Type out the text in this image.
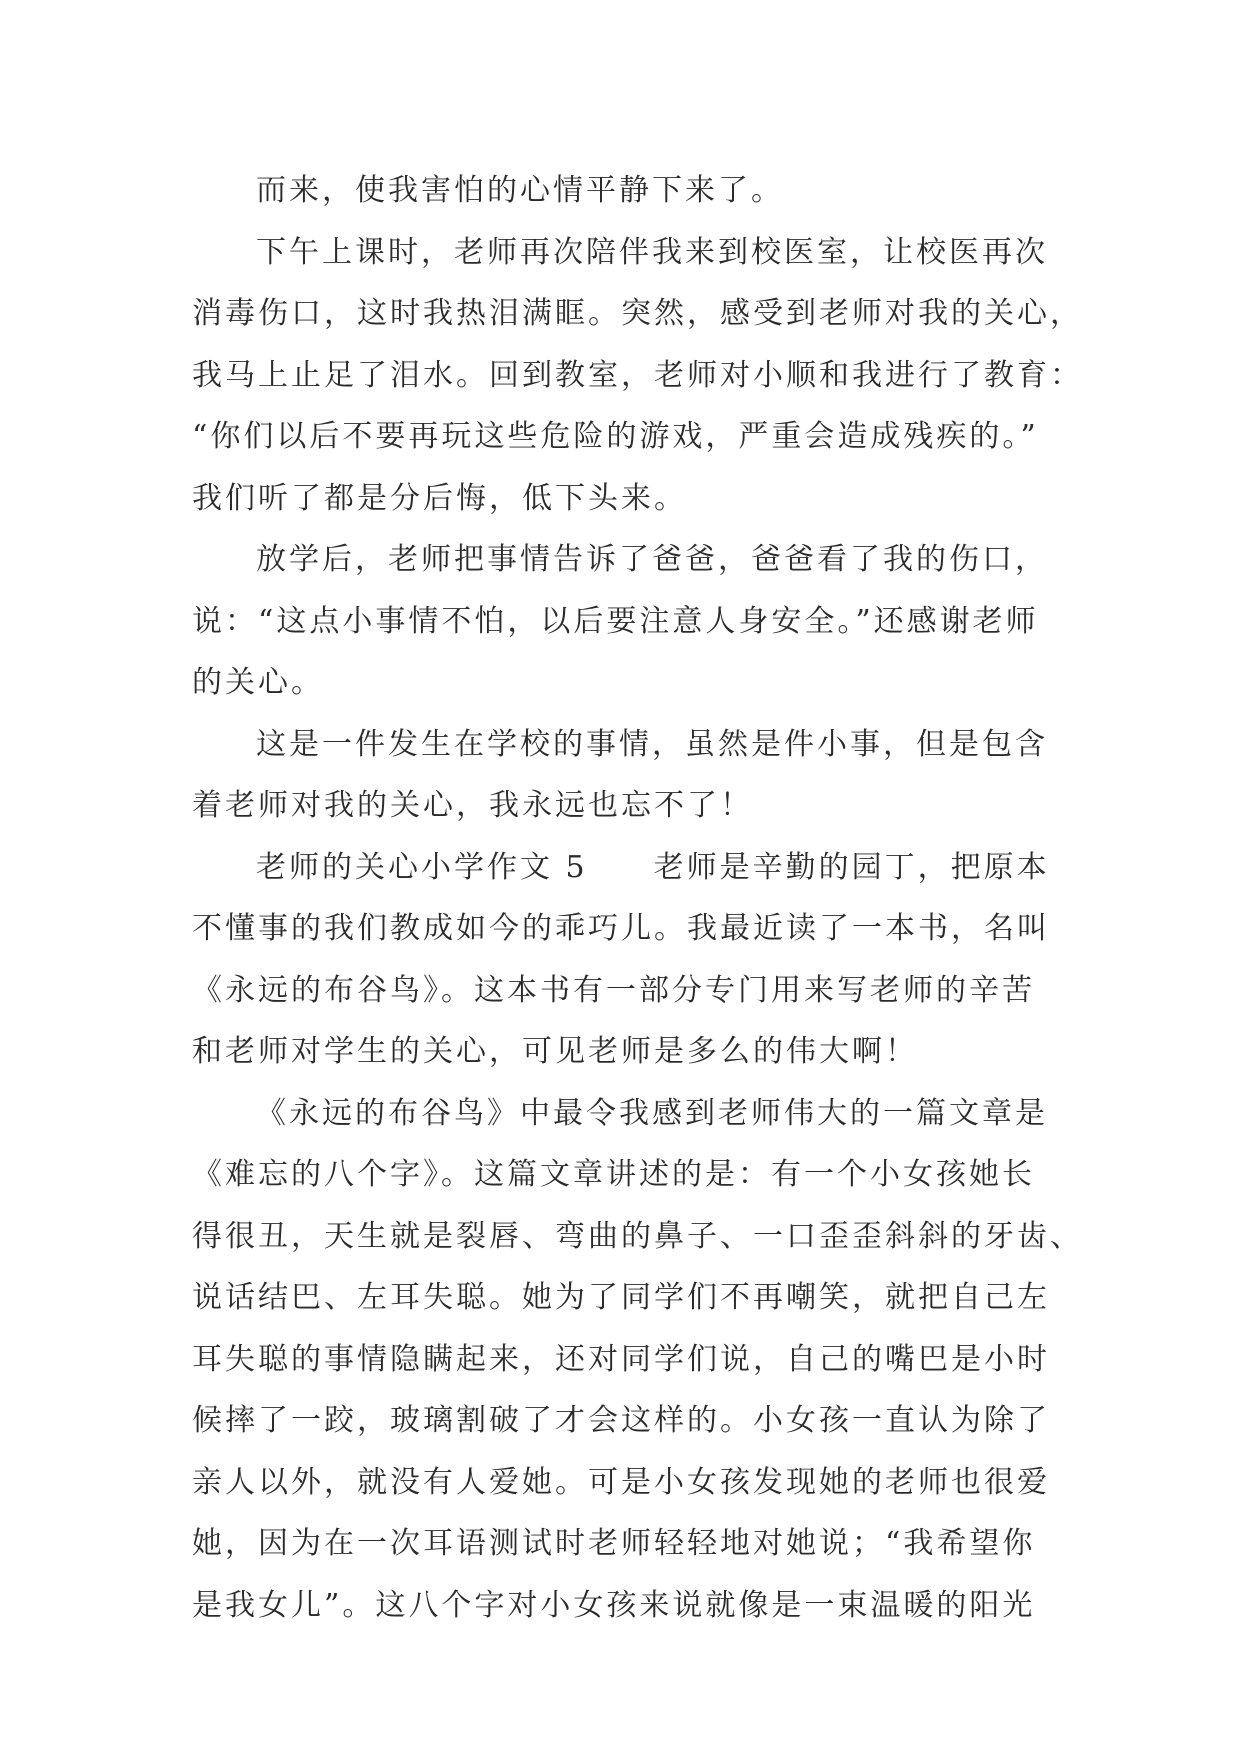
而来，使我害怕的心情平静下来了。

下午上课时，老师再次陪伴我来到校医室，让校医再次

消毒伤口，这时我热泪满眶。突然，感受到老师对我的关心，

我马上止足了泪水。回到教室，老师对小顺和我进行了教育：

“你们以后不要再玩这些危险的游戏，严重会造成残疾的。”

我们听了都是分后悔，低下头来。

放学后，老师把事情告诉了爸爸，爸爸看了我的伤口，

说：“这点小事情不怕，以后要注意人身安全。”还感谢老师

的关心。

这是一件发生在学校的事情，虽然是件小事，但是包含

着老师对我的关心，我永远也忘不了！

老师的关心小学作文 5　　老师是辛勤的园丁，把原本

不懂事的我们教成如今的乖巧儿。我最近读了一本书，名叫

《永远的布谷鸟》。这本书有一部分专门用来写老师的辛苦

和老师对学生的关心，可见老师是多么的伟大啊！

《永远的布谷鸟》中最令我感到老师伟大的一篇文章是

《难忘的八个字》。这篇文章讲述的是：有一个小女孩她长

得很丑，天生就是裂唇、弯曲的鼻子、一口歪歪斜斜的牙齿、

说话结巴、左耳失聪。她为了同学们不再嘲笑，就把自己左

耳失聪的事情隐瞒起来，还对同学们说，自己的嘴巴是小时

候摔了一跤，玻璃割破了才会这样的。小女孩一直认为除了

亲人以外，就没有人爱她。可是小女孩发现她的老师也很爱

她，因为在一次耳语测试时老师轻轻地对她说；“我希望你

是我女儿”。这八个字对小女孩来说就像是一束温暖的阳光
